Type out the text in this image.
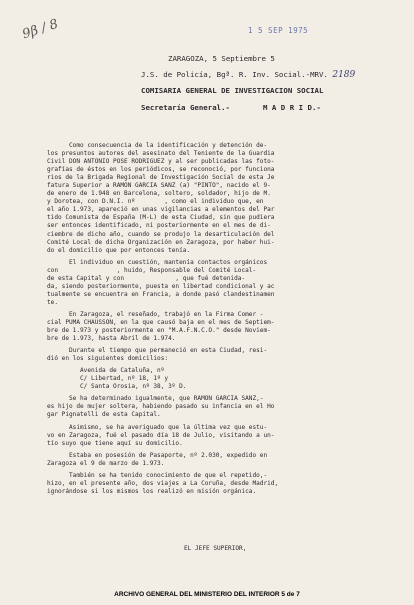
9β / 8	1 5 SEP 1975
ZARAGOZA, 5 Septiembre 5
J.S. de Policía, Bgª. R. Inv. Social.-MRV. 2189
COMISARIA GENERAL DE INVESTIGACION SOCIAL
Secretaría General.-	M A D R I D.-

Como consecuencia de la identificación y detención de-

los presuntos autores del asesinato del Teniente de la Guardia

Civil DON ANTONIO POSE RODRIGUEZ y al ser publicadas las foto-

grafías de éstos en los periódicos, se reconoció, por funciona

rios de la Brigada Regional de Investigación Social de esta Je

fatura Superior a RAMON GARCIA SANZ (a) "PINTO", nacido el 9-

de enero de 1.948 en Barcelona, soltero, soldador, hijo de M.

y Dorotea, con D.N.I. nº        , como el individuo que, en

el año 1.973, apareció en unas vigilancias a elementos del Par

tido Comunista de España (M-L) de esta Ciudad, sin que pudiera

ser entonces identificado, ni posteriormente en el mes de di-

ciembre de dicho año, cuando se produjo la desarticulación del

Comité Local de dicha Organización en Zaragoza, por haber hui-

do el domicilio que por entonces tenía.

El individuo en cuestión, mantenía contactos orgánicos

con                , huido, Responsable del Comité Local-

de esta Capital y con              , que fué detenida-

da, siendo posteriormente, puesta en libertad condicional y ac

tualmente se encuentra en Francia, a donde pasó clandestinamen

te.

En Zaragoza, el reseñado, trabajó en la Firma Comer -

cial PUMA CHAUSSON, en la que causó baja en el mes de Septiem-

bre de 1.973 y posteriormente en "M.A.F.N.C.O." desde Noviem-

bre de 1.973, hasta Abril de 1.974.

Durante el tiempo que permaneció en esta Ciudad, resi-

dió en los siguientes domicilios:

Avenida de Cataluña, nº

C/ Libertad, nº 18, 1º y

C/ Santa Orosia, nº 38, 3º D.

Se ha determinado igualmente, que RAMON GARCIA SANZ,-

es hijo de mujer soltera, habiendo pasado su infancia en el Ho

gar Pignatelli de esta Capital.

Asimismo, se ha averiguado que la última vez que estu-

vo en Zaragoza, fué el pasado día 18 de Julio, visitando a un-

tío suyo que tiene aquí su domicilio.

Estaba en posesión de Pasaporte, nº 2.030, expedido en

Zaragoza el 9 de marzo de 1.973.

También se ha tenido conocimiento de que el repetido,-

hizo, en el presente año, dos viajes a La Coruña, desde Madrid,

ignorándose si los mismos los realizó en misión orgánica.

EL JEFE SUPERIOR,
ARCHIVO GENERAL DEL MINISTERIO DEL INTERIOR 5 de 7
